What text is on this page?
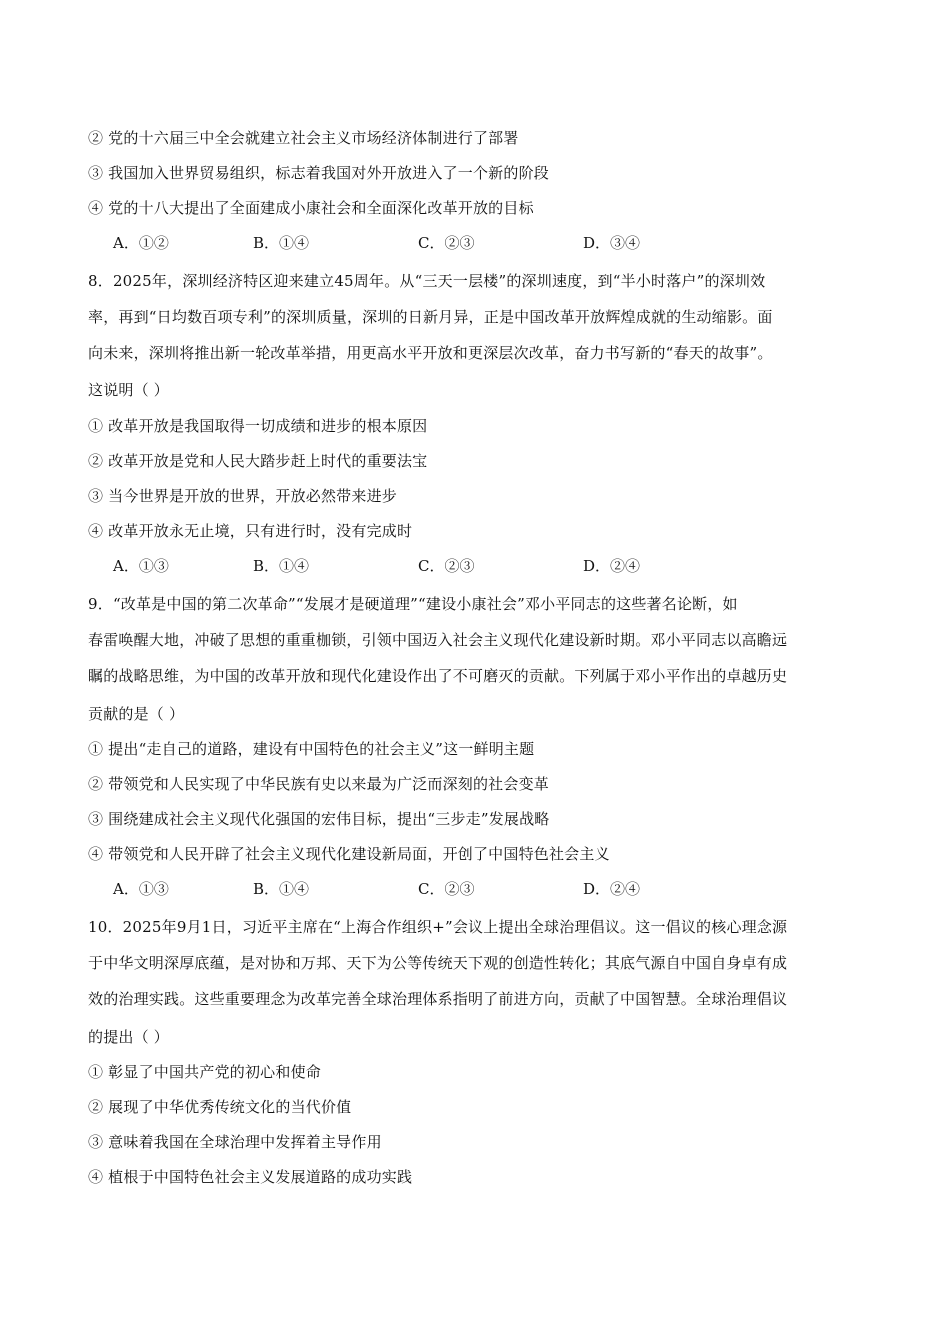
② 党的十六届三中全会就建立社会主义市场经济体制进行了部署
③ 我国加入世界贸易组织，标志着我国对外开放进入了一个新的阶段
④ 党的十八大提出了全面建成小康社会和全面深化改革开放的目标
A．①②	B．①④	C．②③	D．③④
8．2025年，深圳经济特区迎来建立45周年。从“三天一层楼”的深圳速度，到“半小时落户”的深圳效
率，再到“日均数百项专利”的深圳质量，深圳的日新月异，正是中国改革开放辉煌成就的生动缩影。面
向未来，深圳将推出新一轮改革举措，用更高水平开放和更深层次改革，奋力书写新的“春天的故事”。
这说明（ ）
① 改革开放是我国取得一切成绩和进步的根本原因
② 改革开放是党和人民大踏步赶上时代的重要法宝
③ 当今世界是开放的世界，开放必然带来进步
④ 改革开放永无止境，只有进行时，没有完成时
A．①③	B．①④	C．②③	D．②④
9．“改革是中国的第二次革命”“发展才是硬道理”“建设小康社会”邓小平同志的这些著名论断，如
春雷唤醒大地，冲破了思想的重重枷锁，引领中国迈入社会主义现代化建设新时期。邓小平同志以高瞻远
瞩的战略思维，为中国的改革开放和现代化建设作出了不可磨灭的贡献。下列属于邓小平作出的卓越历史
贡献的是（ ）
① 提出“走自己的道路，建设有中国特色的社会主义”这一鲜明主题
② 带领党和人民实现了中华民族有史以来最为广泛而深刻的社会变革
③ 围绕建成社会主义现代化强国的宏伟目标，提出“三步走”发展战略
④ 带领党和人民开辟了社会主义现代化建设新局面，开创了中国特色社会主义
A．①③	B．①④	C．②③	D．②④
10．2025年9月1日，习近平主席在“上海合作组织+”会议上提出全球治理倡议。这一倡议的核心理念源
于中华文明深厚底蕴，是对协和万邦、天下为公等传统天下观的创造性转化；其底气源自中国自身卓有成
效的治理实践。这些重要理念为改革完善全球治理体系指明了前进方向，贡献了中国智慧。全球治理倡议
的提出（ ）
① 彰显了中国共产党的初心和使命
② 展现了中华优秀传统文化的当代价值
③ 意味着我国在全球治理中发挥着主导作用
④ 植根于中国特色社会主义发展道路的成功实践
